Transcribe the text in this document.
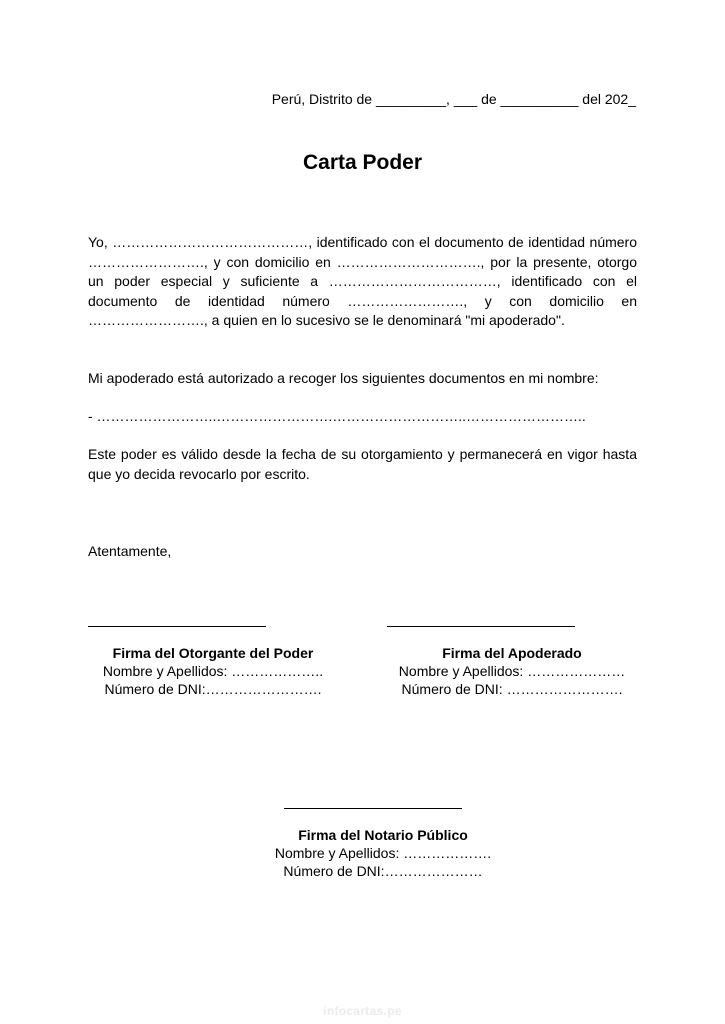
Perú, Distrito de _________, ___ de __________ del 202_
Carta Poder
Yo, ……………………………………, identificado con el documento de identidad número ……………………., y con domicilio en …………………………., por la presente, otorgo un poder especial y suficiente a ………………………………, identificado con el documento de identidad número ……………………., y con domicilio en ……………………., a quien en lo sucesivo se le denominará "mi apoderado".
Mi apoderado está autorizado a recoger los siguientes documentos en mi nombre:
- ……………………..…………………….………………………..……………………..
Este poder es válido desde la fecha de su otorgamiento y permanecerá en vigor hasta que yo decida revocarlo por escrito.
Atentamente,
Firma del Otorgante del Poder
Nombre y Apellidos: ………………..
Número de DNI:…………………….
Firma del Apoderado
Nombre y Apellidos: …………………
Número de DNI: …………………….
Firma del Notario Público
Nombre y Apellidos: ……………….
Número de DNI:…………………
infocartas.pe
